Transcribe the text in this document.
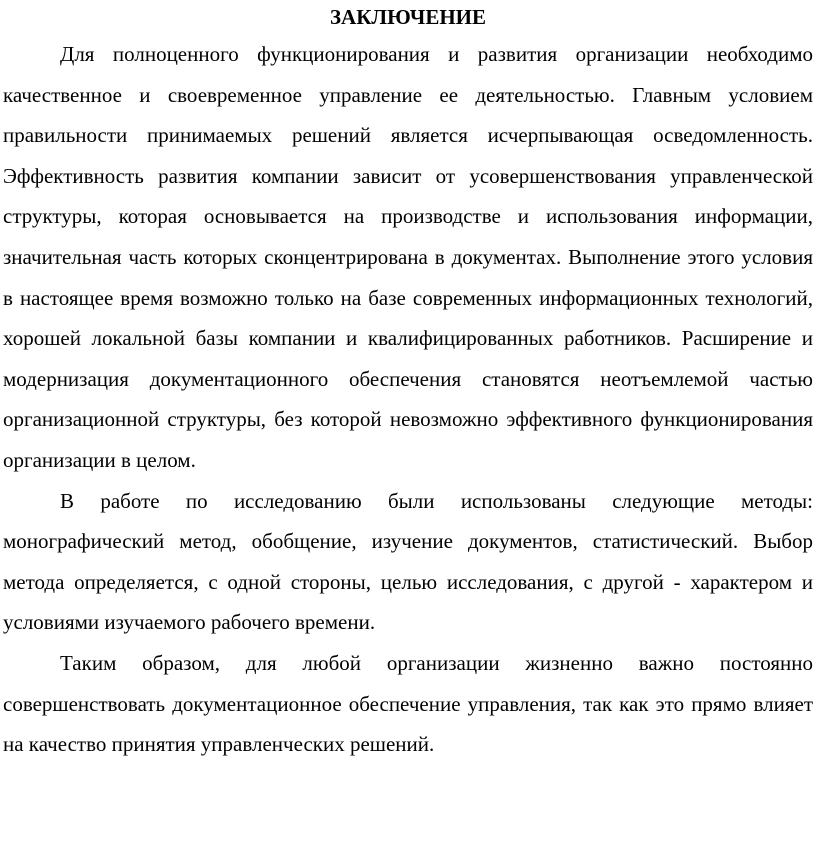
ЗАКЛЮЧЕНИЕ

Для полноценного функционирования и развития организации необходимо качественное и своевременное управление ее деятельностью. Главным условием правильности принимаемых решений является исчерпывающая осведомленность. Эффективность развития компании зависит от усовершенствования управленческой структуры, которая основывается на производстве и использования информации, значительная часть которых сконцентрирована в документах. Выполнение этого условия в настоящее время возможно только на базе современных информационных технологий, хорошей локальной базы компании и квалифицированных работников. Расширение и модернизация документационного обеспечения становятся неотъемлемой частью организационной структуры, без которой невозможно эффективного функционирования организации в целом.

В работе по исследованию были использованы следующие методы: монографический метод, обобщение, изучение документов, статистический. Выбор метода определяется, с одной стороны, целью исследования, с другой - характером и условиями изучаемого рабочего времени.

Таким образом, для любой организации жизненно важно постоянно совершенствовать документационное обеспечение управления, так как это прямо влияет на качество принятия управленческих решений.
